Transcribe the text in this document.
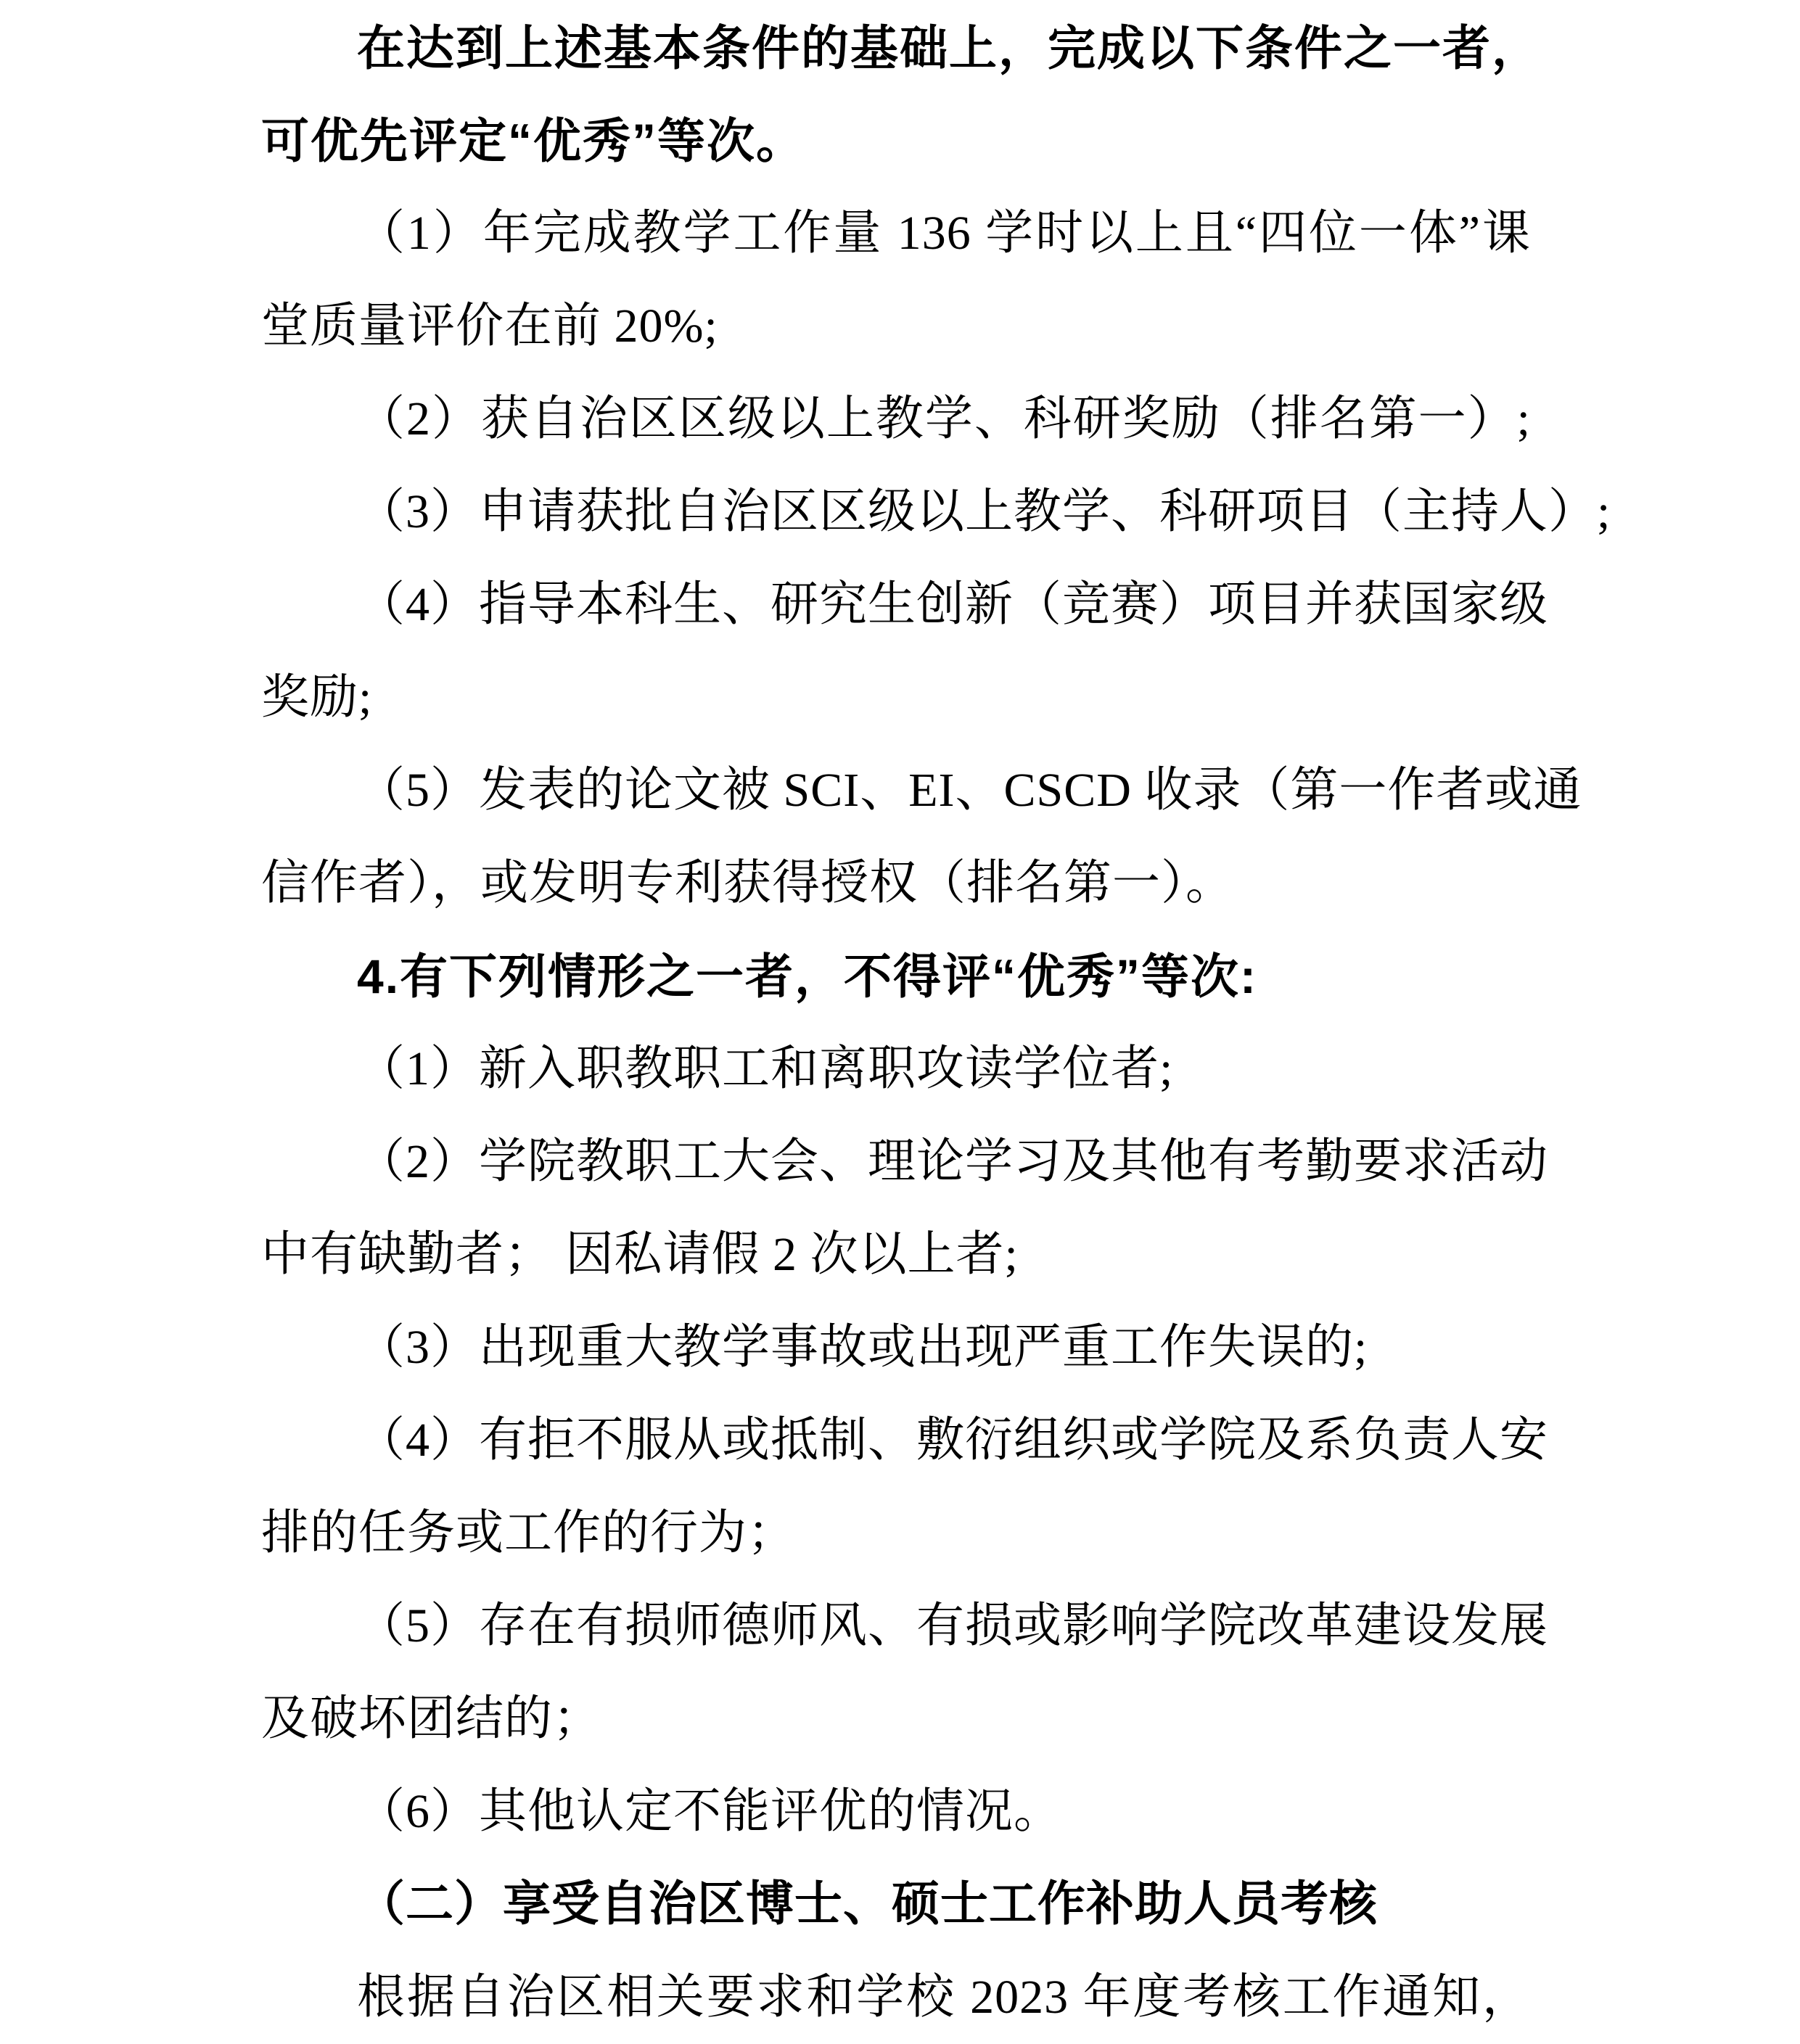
在达到上述基本条件的基础上，完成以下条件之一者，
可优先评定“优秀”等次。
（1）年完成教学工作量 136 学时以上且“四位一体”课
堂质量评价在前 20%;
（2）获自治区区级以上教学、科研奖励（排名第一）;
（3）申请获批自治区区级以上教学、科研项目（主持人）;
（4）指导本科生、研究生创新（竞赛）项目并获国家级
奖励;
（5）发表的论文被 SCI、EI、CSCD 收录（第一作者或通
信作者），或发明专利获得授权（排名第一）。
4.有下列情形之一者，不得评“优秀”等次:
（1）新入职教职工和离职攻读学位者;
（2）学院教职工大会、理论学习及其他有考勤要求活动
中有缺勤者； 因私请假 2 次以上者;
（3）出现重大教学事故或出现严重工作失误的;
（4）有拒不服从或抵制、敷衍组织或学院及系负责人安
排的任务或工作的行为；
（5）存在有损师德师风、有损或影响学院改革建设发展
及破坏团结的；
（6）其他认定不能评优的情况。
（二）享受自治区博士、硕士工作补助人员考核
根据自治区相关要求和学校 2023 年度考核工作通知，
